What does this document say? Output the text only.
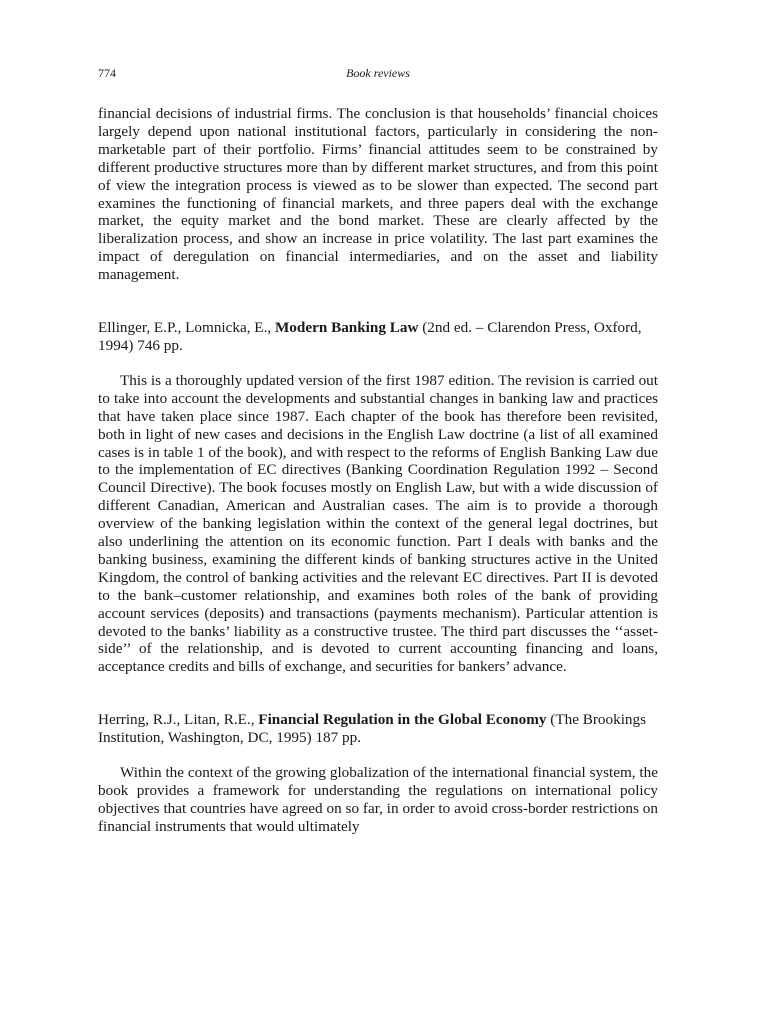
774	Book reviews

financial decisions of industrial firms. The conclusion is that households’ financial choices largely depend upon national institutional factors, particularly in considering the non-marketable part of their portfolio. Firms’ financial attitudes seem to be constrained by different productive structures more than by different market structures, and from this point of view the integration process is viewed as to be slower than expected. The second part examines the functioning of financial markets, and three papers deal with the exchange market, the equity market and the bond market. These are clearly affected by the liberalization process, and show an increase in price volatility. The last part examines the impact of deregulation on financial intermediaries, and on the asset and liability management.

Ellinger, E.P., Lomnicka, E., Modern Banking Law (2nd ed. – Clarendon Press, Oxford, 1994) 746 pp.

This is a thoroughly updated version of the first 1987 edition. The revision is carried out to take into account the developments and substantial changes in banking law and practices that have taken place since 1987. Each chapter of the book has therefore been revisited, both in light of new cases and decisions in the English Law doctrine (a list of all examined cases is in table 1 of the book), and with respect to the reforms of English Banking Law due to the implementation of EC directives (Banking Coordination Regulation 1992 – Second Council Directive). The book focuses mostly on English Law, but with a wide discussion of different Canadian, American and Australian cases. The aim is to provide a thorough overview of the banking legislation within the context of the general legal doctrines, but also underlining the attention on its economic function. Part I deals with banks and the banking business, examining the different kinds of banking structures active in the United Kingdom, the control of banking activities and the relevant EC directives. Part II is devoted to the bank–customer relationship, and examines both roles of the bank of providing account services (deposits) and transactions (payments mechanism). Particular attention is devoted to the banks’ liability as a constructive trustee. The third part discusses the ‘‘asset-side’’ of the relationship, and is devoted to current accounting financing and loans, acceptance credits and bills of exchange, and securities for bankers’ advance.

Herring, R.J., Litan, R.E., Financial Regulation in the Global Economy (The Brookings Institution, Washington, DC, 1995) 187 pp.

Within the context of the growing globalization of the international financial system, the book provides a framework for understanding the regulations on international policy objectives that countries have agreed on so far, in order to avoid cross-border restrictions on financial instruments that would ultimately
